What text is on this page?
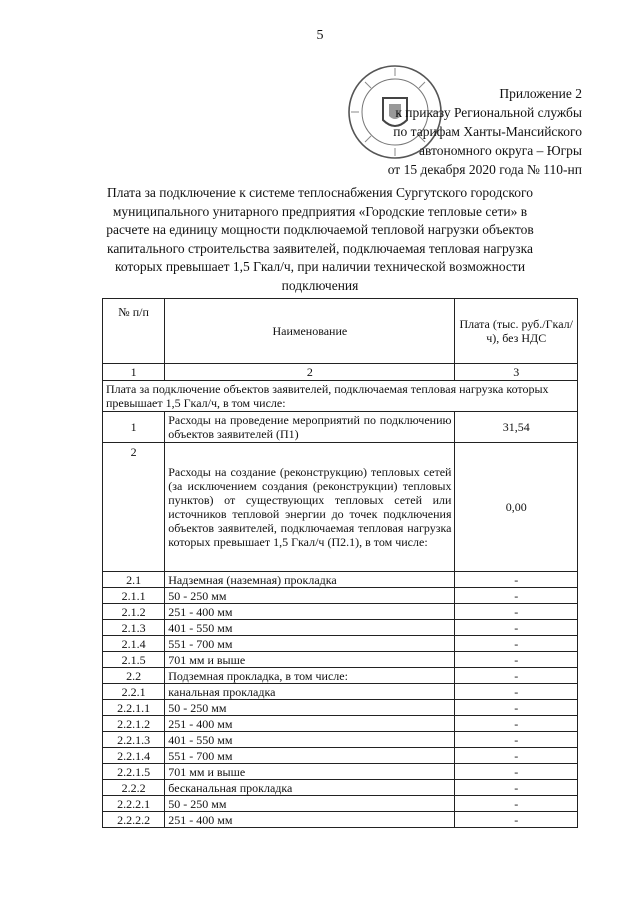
5
Приложение 2
к приказу Региональной службы
по тарифам Ханты-Мансийского
автономного округа – Югры
от 15 декабря 2020 года № 110-нп
Плата за подключение к системе теплоснабжения Сургутского городского муниципального унитарного предприятия «Городские тепловые сети» в расчете на единицу мощности подключаемой тепловой нагрузки объектов капитального строительства заявителей, подключаемая тепловая нагрузка которых превышает 1,5 Гкал/ч, при наличии технической возможности подключения
№ п/п	Наименование	Плата (тыс. руб./Гкал/ч), без НДС
1	2	3
Плата за подключение объектов заявителей, подключаемая тепловая нагрузка которых превышает 1,5 Гкал/ч, в том числе:		
1	Расходы на проведение мероприятий по подключению объектов заявителей (П1)	31,54
2	Расходы на создание (реконструкцию) тепловых сетей (за исключением создания (реконструкции) тепловых пунктов) от существующих тепловых сетей или источников тепловой энергии до точек подключения объектов заявителей, подключаемая тепловая нагрузка которых превышает 1,5 Гкал/ч (П2.1), в том числе:	0,00
2.1	Надземная (наземная) прокладка	-
2.1.1	50 - 250 мм	-
2.1.2	251 - 400 мм	-
2.1.3	401 - 550 мм	-
2.1.4	551 - 700 мм	-
2.1.5	701 мм и выше	-
2.2	Подземная прокладка, в том числе:	-
2.2.1	канальная прокладка	-
2.2.1.1	50 - 250 мм	-
2.2.1.2	251 - 400 мм	-
2.2.1.3	401 - 550 мм	-
2.2.1.4	551 - 700 мм	-
2.2.1.5	701 мм и выше	-
2.2.2	бесканальная прокладка	-
2.2.2.1	50 - 250 мм	-
2.2.2.2	251 - 400 мм	-
